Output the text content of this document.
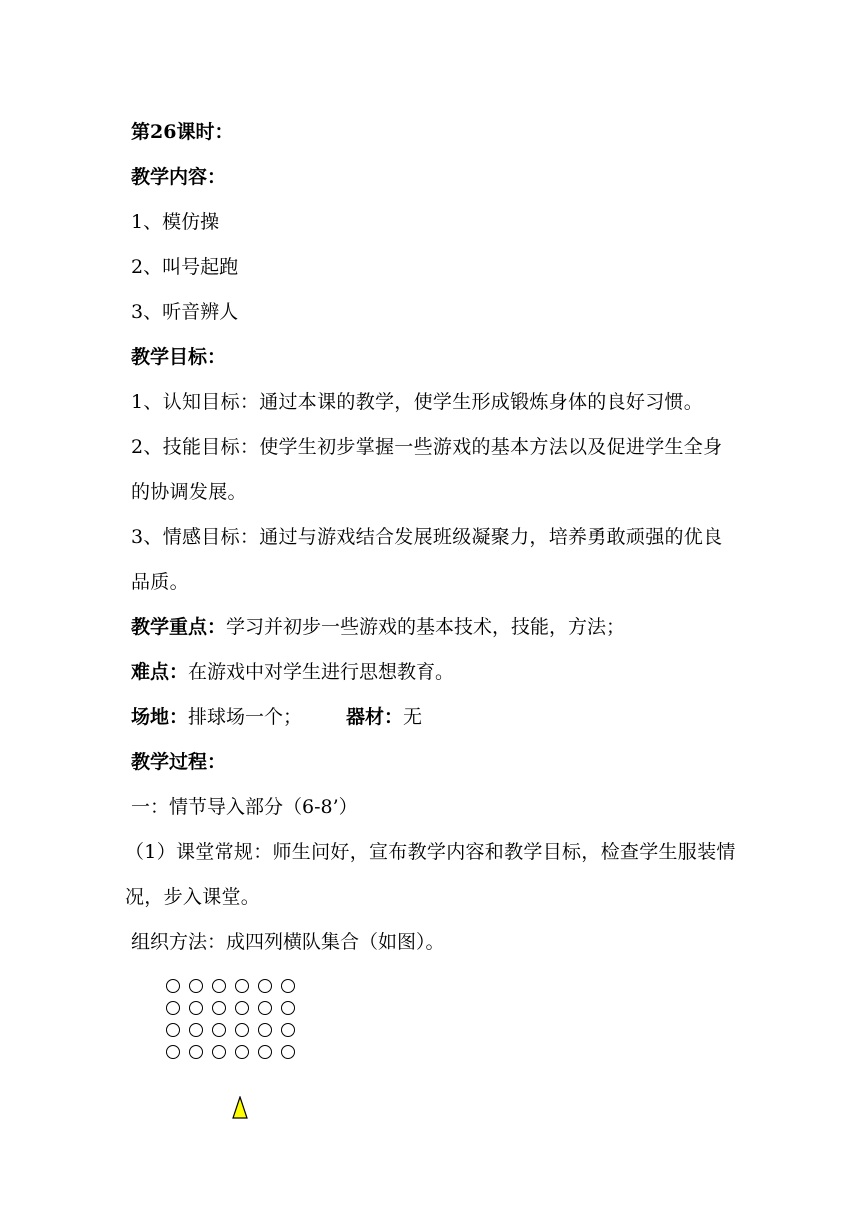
第26课时：
教学内容：
1、模仿操
2、叫号起跑
3、听音辨人
教学目标：
1、认知目标：通过本课的教学，使学生形成锻炼身体的良好习惯。
2、技能目标：使学生初步掌握一些游戏的基本方法以及促进学生全身的协调发展。
3、情感目标：通过与游戏结合发展班级凝聚力，培养勇敢顽强的优良品质。
教学重点：学习并初步一些游戏的基本技术，技能，方法；
难点：在游戏中对学生进行思想教育。
场地：排球场一个； 器材：无
教学过程：
一：情节导入部分（6-8’）
（1）课堂常规：师生问好，宣布教学内容和教学目标，检查学生服装情况，步入课堂。
组织方法：成四列横队集合（如图）。
